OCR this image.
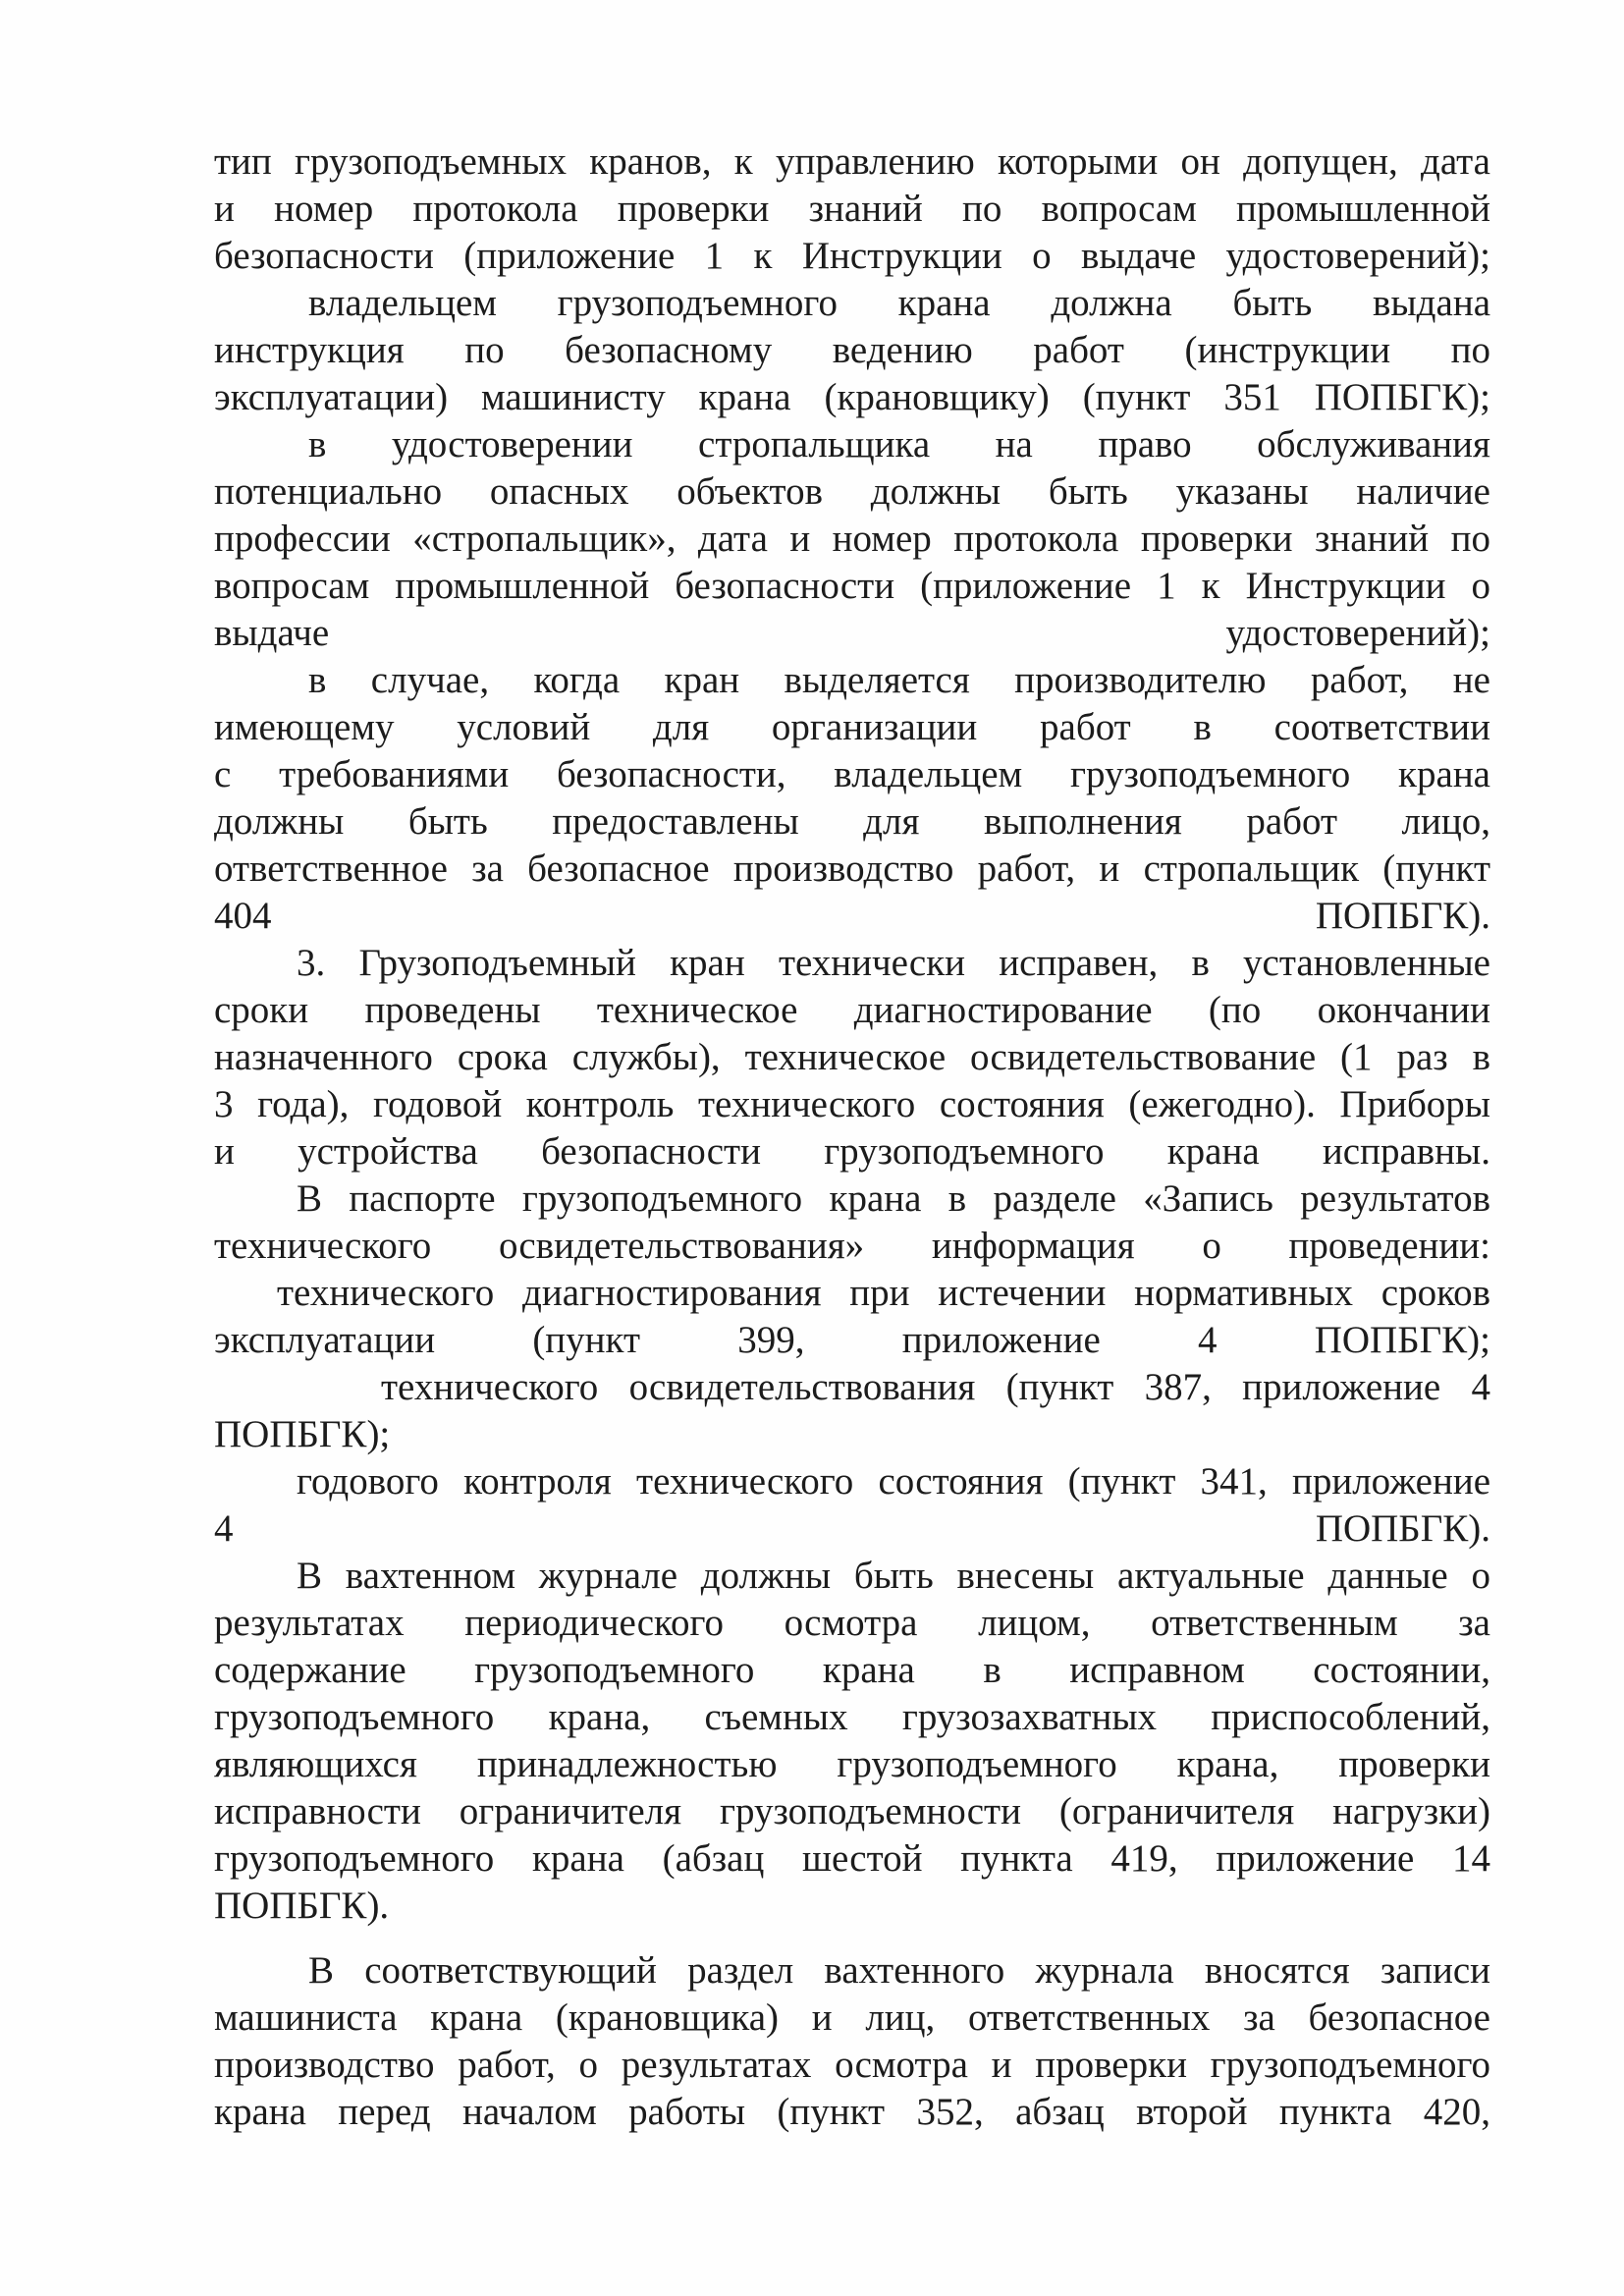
тип грузоподъемных кранов, к управлению которыми он допущен, дата
и номер протокола проверки знаний по вопросам промышленной
безопасности (приложение 1 к Инструкции о выдаче удостоверений);
владельцем грузоподъемного крана должна быть выдана
инструкция по безопасному ведению работ (инструкции по
эксплуатации) машинисту крана (крановщику) (пункт 351 ПОПБГК);
в удостоверении стропальщика на право обслуживания
потенциально опасных объектов должны быть указаны наличие
профессии «стропальщик», дата и номер протокола проверки знаний по
вопросам промышленной безопасности (приложение 1 к Инструкции о
выдаче удостоверений);
в случае, когда кран выделяется производителю работ, не
имеющему условий для организации работ в соответствии
с требованиями безопасности, владельцем грузоподъемного крана
должны быть предоставлены для выполнения работ лицо,
ответственное за безопасное производство работ, и стропальщик (пункт
404 ПОПБГК).
3. Грузоподъемный кран технически исправен, в установленные
сроки проведены техническое диагностирование (по окончании
назначенного срока службы), техническое освидетельствование (1 раз в
3 года), годовой контроль технического состояния (ежегодно). Приборы
и устройства безопасности грузоподъемного крана исправны.
В паспорте грузоподъемного крана в разделе «Запись результатов
технического освидетельствования» информация о проведении:
технического диагностирования при истечении нормативных сроков
эксплуатации (пункт 399, приложение 4 ПОПБГК);
технического освидетельствования (пункт 387, приложение 4
ПОПБГК);
годового контроля технического состояния (пункт 341, приложение
4 ПОПБГК).
В вахтенном журнале должны быть внесены актуальные данные о
результатах периодического осмотра лицом, ответственным за
содержание грузоподъемного крана в исправном состоянии,
грузоподъемного крана, съемных грузозахватных приспособлений,
являющихся принадлежностью грузоподъемного крана, проверки
исправности ограничителя грузоподъемности (ограничителя нагрузки)
грузоподъемного крана (абзац шестой пункта 419, приложение 14
ПОПБГК).
В соответствующий раздел вахтенного журнала вносятся записи
машиниста крана (крановщика) и лиц, ответственных за безопасное
производство работ, о результатах осмотра и проверки грузоподъемного
крана перед началом работы (пункт 352, абзац второй пункта 420,
